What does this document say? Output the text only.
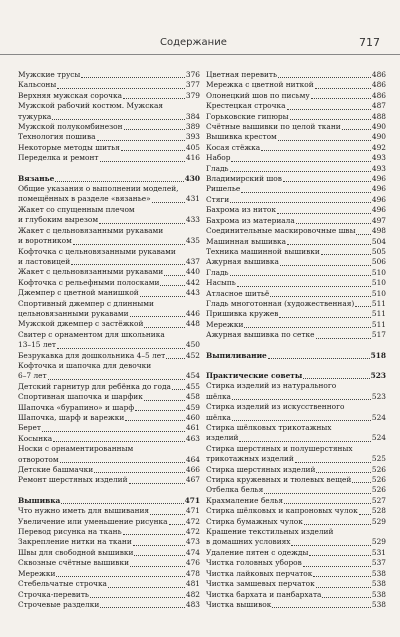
Содержание	717
Мужские трусы	376
Кальсоны	377
Верхняя мужская сорочка	379
Мужской рабочий костюм. Мужская
тужурка	384
Мужской полукомбинезон	389
Технология пошива	393
Некоторые методы шитья	405
Переделка и ремонт	416
Вязанье	430
Общие указания о выполнении моделей,
помещённых в разделе «вязанье»	431
Жакет со спущенным плечом
и глубоким вырезом	433
Жакет с цельновязанными рукавами
и воротником	435
Кофточка с цельновязанными рукавами
и ластовицей	437
Жакет с цельновязанными рукавами	440
Кофточка с рельефными полосками	442
Джемпер с цветной манишкой	443
Спортивный джемпер с длинными
цельновязанными рукавами	446
Мужской джемпер с застёжкой	448
Свитер с орнаментом для школьника
13–15 лет	450
Безрукавка для дошкольника 4–5 лет	452
Кофточка и шапочка для девочки
6–7 лет	454
Детский гарнитур для ребёнка до года 455
Спортивная шапочка и шарфик	458
Шапочка «бурапино» и шарф	459
Шапочка, шарф и варежки	460
Берет	461
Косынка	463
Носки с орнаментированным
отворотом	464
Детские башмачки	466
Ремонт шерстяных изделий	467
Вышивка	471
Что нужно иметь для вышивания	471
Увеличение или уменьшение рисунка 472
Перевод рисунка на ткань	472
Закрепление нитки на ткани	473
Швы для свободной вышивки	474
Сквозные счётные вышивки	476
Мережки	478
Стебельчатые строчка	481
Строчка-перевить	482
Строчевые разделки	483
Цветная перевить	486
Мережка с цветной ниткой	486
Олонецкий шов по письму	486
Крестецкая строчка	487
Горьковские гипюры	488
Счётные вышивки по целой ткани	490
Вышивка крестом	490
Косая стёжка	492
Набор	493
Гладь	493
Владимирский шов	496
Ришелье	496
Стяги	496
Бахрома из ниток	496
Бахрома из материала	497
Соединительные маскировочные швы 498
Машинная вышивка	504
Техника машинной вышивки	505
Ажурная вышивка	506
Гладь	510
Насыпь	510
Атласное шитьё	510
Гладь многотонная (художественная) 511
Пришивка кружев	511
Мережки	511
Ажурная вышивка по сетке	517
Выпиливание	518
Практические советы	523
Стирка изделий из натурального
шёлка	523
Стирка изделий из искусственного
шёлка	524
Стирка шёлковых трикотажных
изделий	524
Стирка шерстяных и полушерстяных
трикотажных изделий	525
Стирка шерстяных изделий	526
Стирка кружевных и тюлевых вещей	526
Отбелка белья	526
Крахмаление белья	527
Стирка шёлковых и капроновых чулок 528
Стирка бумажных чулок	529
Крашение текстильных изделий
в домашних условиях	529
Удаление пятен с одежды	531
Чистка головных уборов	537
Чистка лайковых перчаток	538
Чистка замшевых перчаток	538
Чистка бархата и панбархата	538
Чистка вышивок	538
